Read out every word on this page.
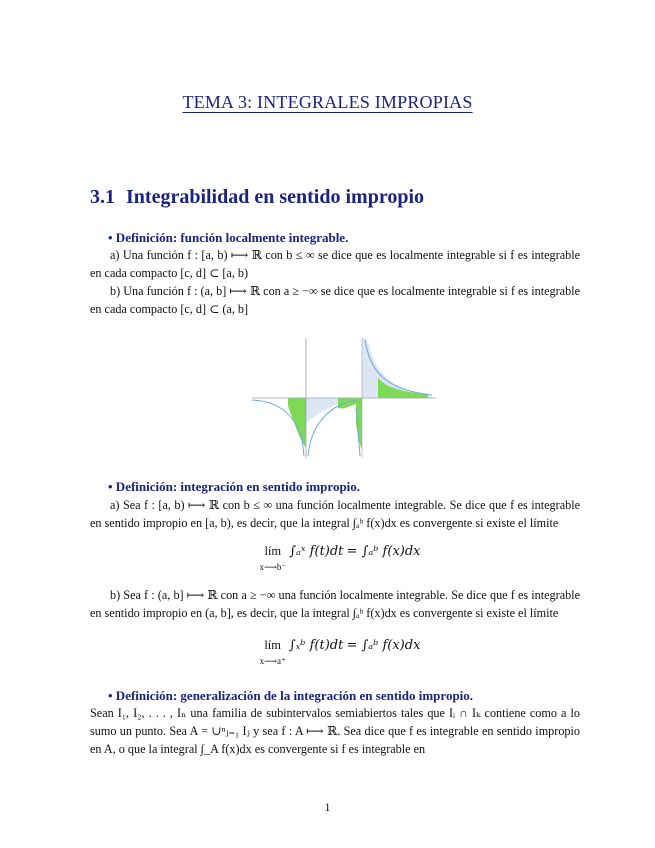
TEMA 3: INTEGRALES IMPROPIAS
3.1 Integrabilidad en sentido impropio
• Definición: función localmente integrable.
a) Una función f : [a, b) ⟼ ℝ con b ≤ ∞ se dice que es localmente integrable si f es integrable en cada compacto [c, d] ⊂ [a, b)
b) Una función f : (a, b] ⟼ ℝ con a ≥ −∞ se dice que es localmente integrable si f es integrable en cada compacto [c, d] ⊂ (a, b]
• Definición: integración en sentido impropio.
a) Sea f : [a, b) ⟼ ℝ con b ≤ ∞ una función localmente integrable. Se dice que f es integrable en sentido impropio en [a, b), es decir, que la integral ∫ₐᵇ f(x)dx es convergente si existe el límite
lím
x⟶b⁻ ∫ₐˣ f(t)dt = ∫ₐᵇ f(x)dx
b) Sea f : (a, b] ⟼ ℝ con a ≥ −∞ una función localmente integrable. Se dice que f es integrable en sentido impropio en (a, b], es decir, que la integral ∫ₐᵇ f(x)dx es convergente si existe el límite
lím
x⟶a⁺ ∫ₓᵇ f(t)dt = ∫ₐᵇ f(x)dx
• Definición: generalización de la integración en sentido impropio.
Sean I₁, I₂, . . . , Iₙ una familia de subintervalos semiabiertos tales que Iᵢ ∩ Iₖ contiene como a lo sumo un punto. Sea A = ∪ⁿⱼ₌₁ Iⱼ y sea f : A ⟼ ℝ. Sea dice que f es integrable en sentido impropio en A, o que la integral ∫_A f(x)dx es convergente si f es integrable en
1
